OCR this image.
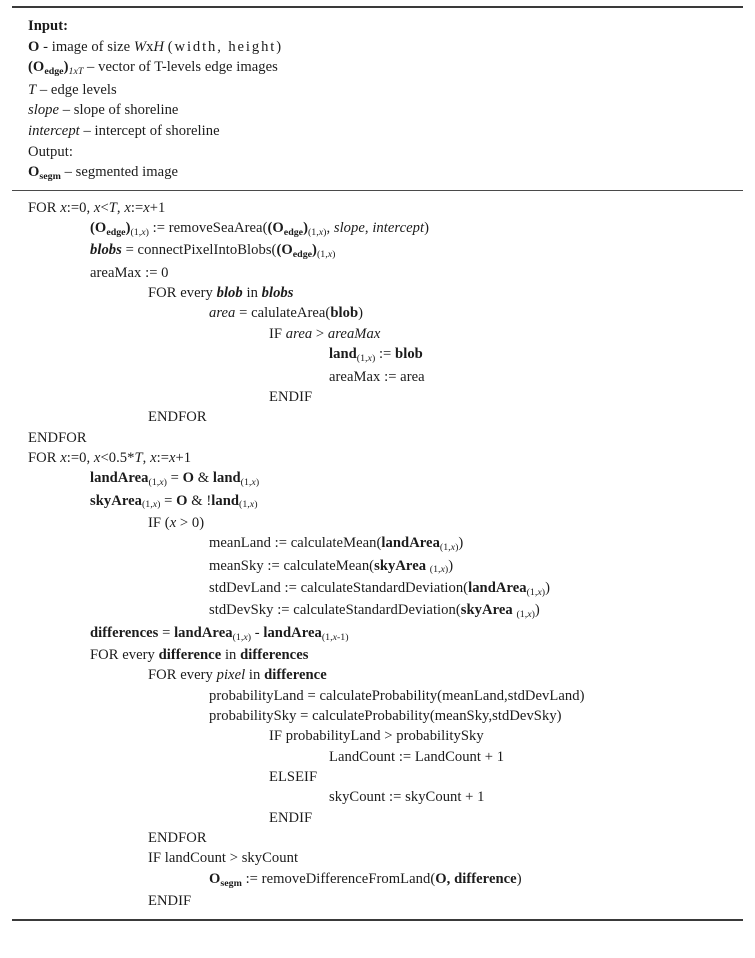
Input:
O - image of size WxH (width, height)
$(O_{edge})_{1xT}$ – vector of T-levels edge images
T – edge levels
slope – slope of shoreline
intercept – intercept of shoreline
Output:
$O_{segm}$ – segmented image
FOR x:=0, x<T, x:=x+1
$(O_{edge})_{(1,x)}$ := $removeSeaArea((O_{edge})_{(1,x)}$, slope, intercept)
blobs = $connectPixelIntoBlobs((O_{edge})_{(1,x)}$
areaMax := 0
FOR every blob in blobs
area = calulateArea(blob)
IF area > areaMax
land$_{(1,x)}$ := blob
areaMax := area
ENDIF
ENDFOR
ENDFOR
FOR x:=0, x<0.5*T, x:=x+1
landArea$_{(1,x)}$ = O & land$_{(1,x)}$
skyArea$_{(1,x)}$ = O & !land$_{(1,x)}$
IF (x > 0)
meanLand := calculateMean(landArea$_{(1,x)}$)
meanSky := calculateMean(skyArea $_{(1,x)}$)
stdDevLand := calculateStandardDeviation(landArea$_{(1,x)}$)
stdDevSky := calculateStandardDeviation(skyArea $_{(1,x)}$)
differences = landArea$_{(1,x)}$ - landArea$_{(1,x-1)}$
FOR every difference in differences
FOR every pixel in difference
probabilityLand = calculateProbability(meanLand,stdDevLand)
probabilitySky = calculateProbability(meanSky,stdDevSky)
IF probabilityLand > probabilitySky
LandCount := LandCount + 1
ELSEIF
skyCount := skyCount + 1
ENDIF
ENDFOR
IF landCount > skyCount
$O_{segm}$ := removeDifferenceFromLand(O, difference)
ENDIF
